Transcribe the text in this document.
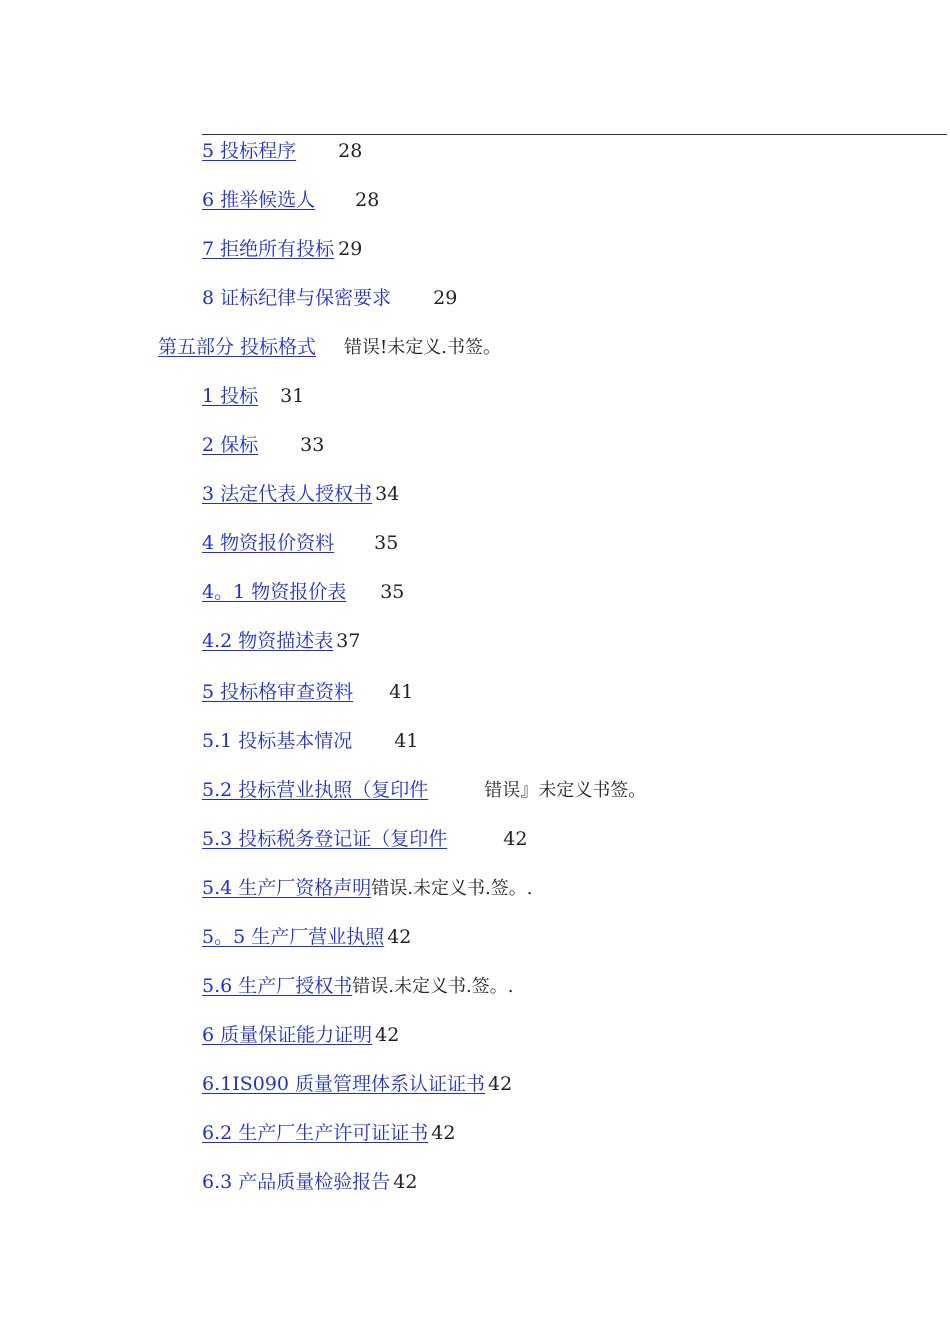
5 投标程序 28
6 推举候选人 28
7 拒绝所有投标 29
8 证标纪律与保密要求 29
第五部分 投标格式 错误!未定义.书签。
1 投标 31
2 保标 33
3 法定代表人授权书 34
4 物资报价资料 35
4。1 物资报价表 35
4.2 物资描述表 37
5 投标格审查资料 41
5.1 投标基本情况 41
5.2 投标营业执照（复印件	错误』未定义书签。
5.3 投标税务登记证（复印件	42
5.4 生产厂资格声明错误.未定义书.签。.
5。5 生产厂营业执照 42
5.6 生产厂授权书错误.未定义书.签。.
6 质量保证能力证明 42
6.1IS090 质量管理体系认证证书 42
6.2 生产厂生产许可证证书 42
6.3 产品质量检验报告 42
